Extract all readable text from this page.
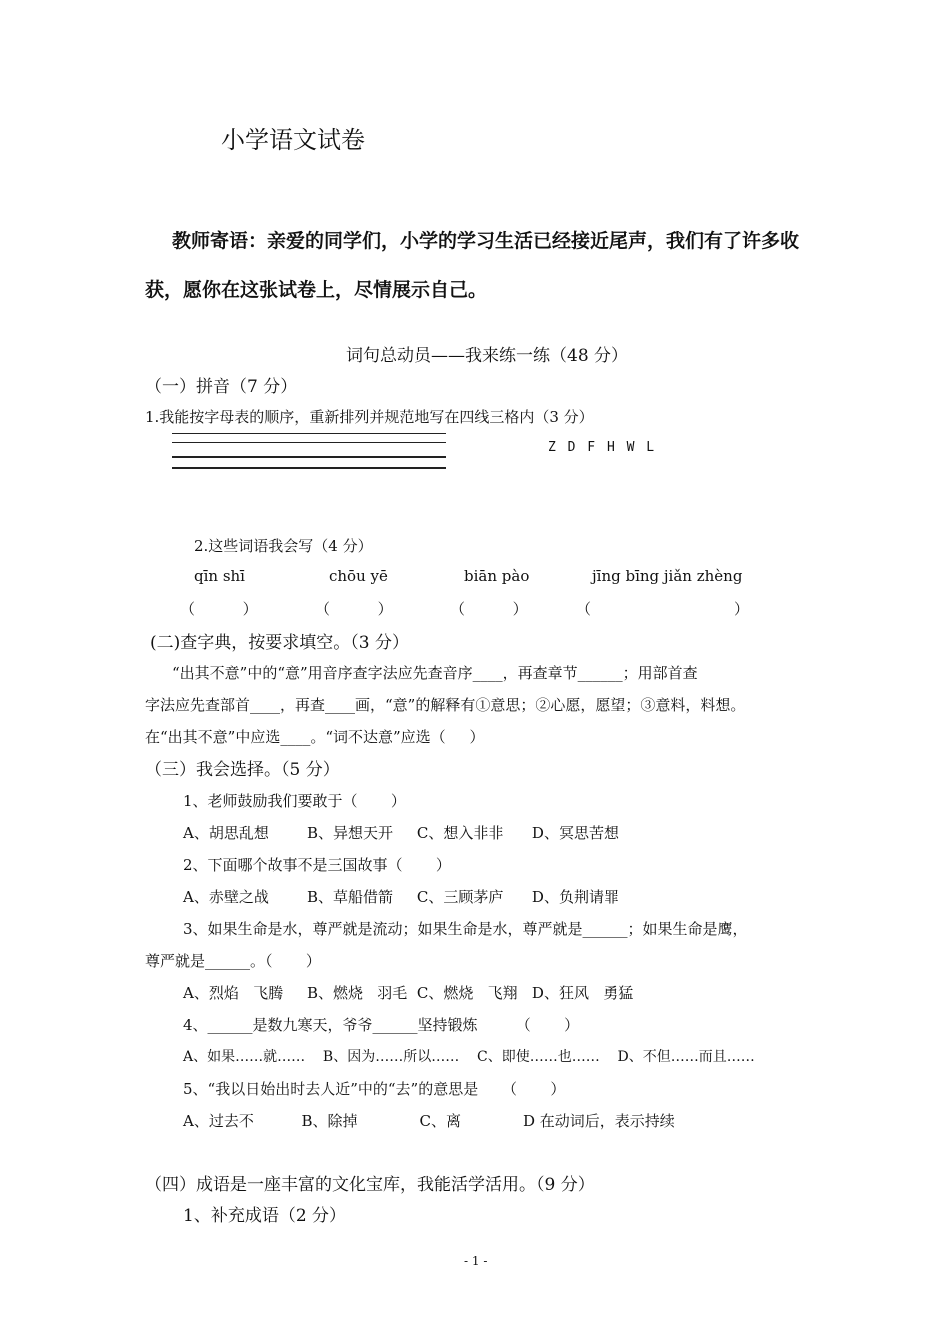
小学语文试卷
教师寄语：亲爱的同学们，小学的学习生活已经接近尾声，我们有了许多收
获，愿你在这张试卷上，尽情展示自己。
词句总动员——我来练一练（48 分）
（一）拼音（7 分）
1.我能按字母表的顺序，重新排列并规范地写在四线三格内（3 分）
Z D F H W L
2.这些词语我会写（4 分）
qīn shī	chōu yē	biān pào	jīng bīng jiǎn zhèng
（          ）	（          ）	（          ）	（                              ）
(二)查字典，按要求填空。（3 分）
“出其不意”中的“意”用音序查字法应先查音序____，再查章节______；用部首查
字法应先查部首____，再查____画，“意”的解释有①意思；②心愿，愿望；③意料，料想。
在“出其不意”中应选____。“词不达意”应选（     ）
（三）我会选择。（5 分）
1、老师鼓励我们要敢于（       ）
A、胡思乱想        B、异想天开     C、想入非非      D、冥思苦想
2、下面哪个故事不是三国故事（       ）
A、赤壁之战        B、草船借箭     C、三顾茅庐      D、负荆请罪
3、如果生命是水，尊严就是流动；如果生命是水，尊严就是______；如果生命是鹰，
尊严就是______。（       ）
A、烈焰   飞腾     B、燃烧   羽毛  C、燃烧   飞翔   D、狂风   勇猛
4、______是数九寒天，爷爷______坚持锻炼        （       ）
A、如果……就……    B、因为……所以……    C、即使……也……    D、不但……而且……
5、“我以日始出时去人近”中的“去”的意思是     （       ）
A、过去不          B、除掉             C、离             D 在动词后，表示持续
（四）成语是一座丰富的文化宝库，我能活学活用。（9 分）
1、补充成语（2 分）
- 1 -
